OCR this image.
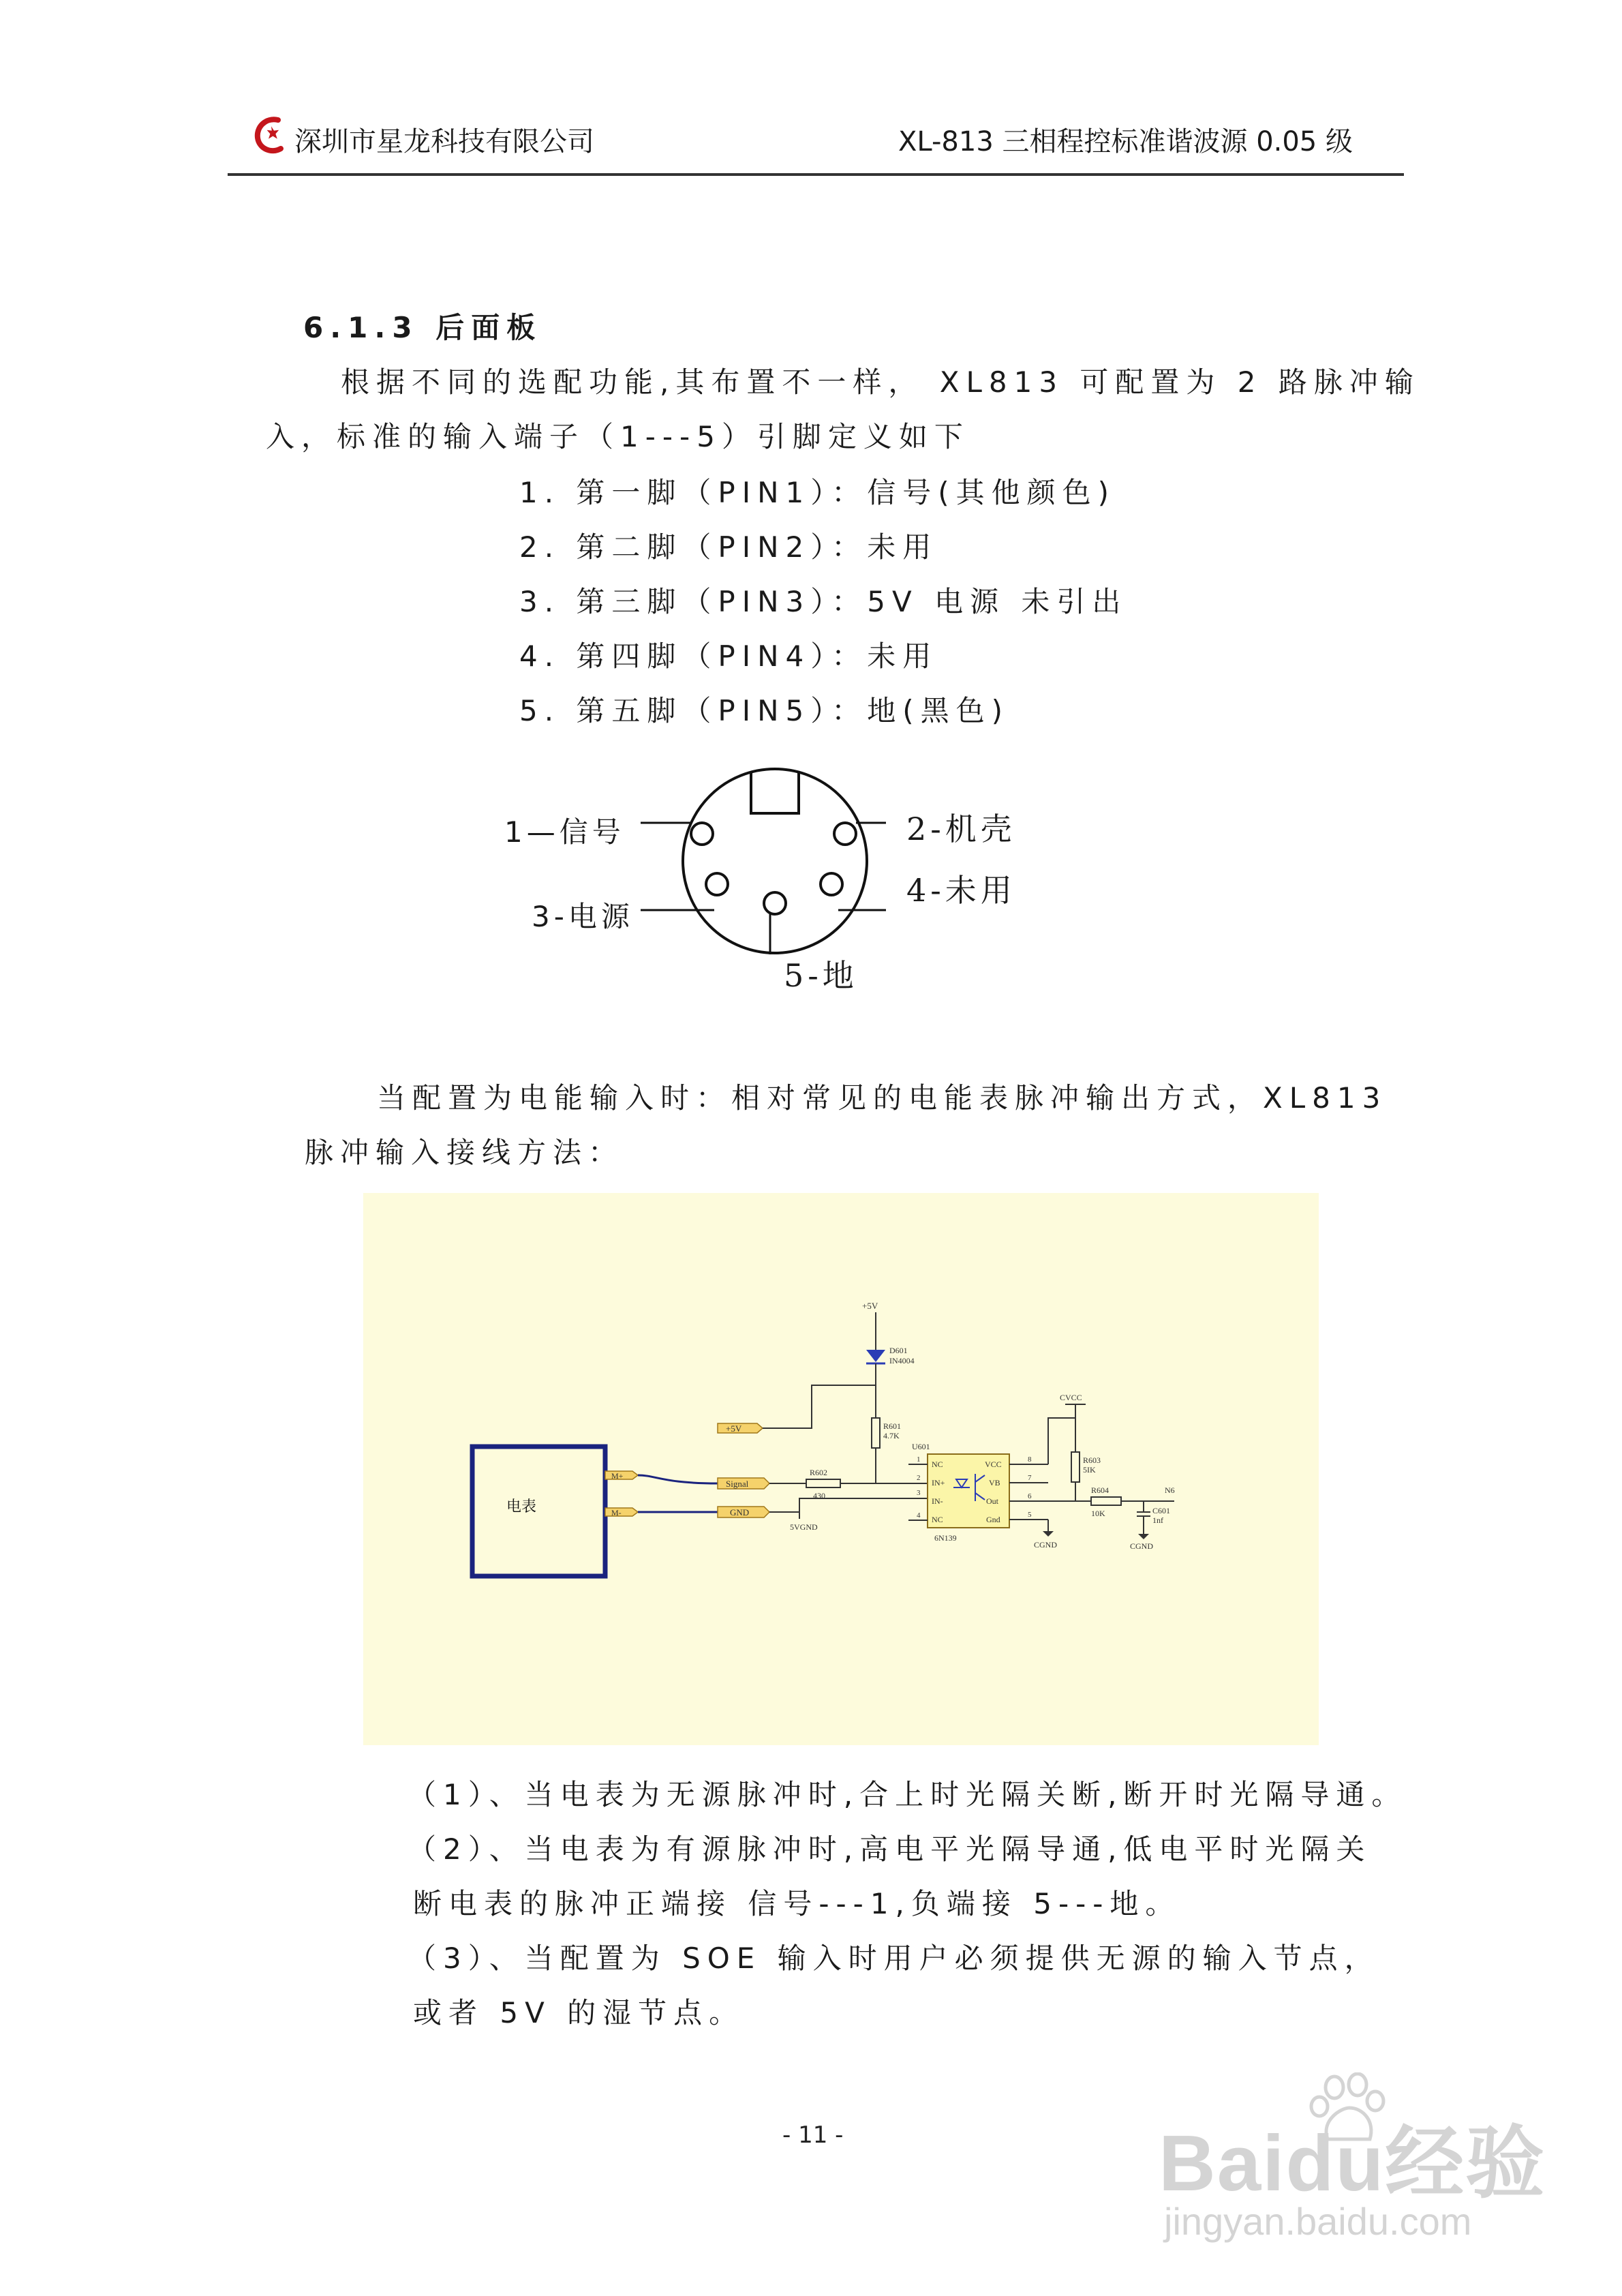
深圳市星龙科技有限公司	XL-813 三相程控标准谐波源 0.05 级
6.1.3 后面板
根据不同的选配功能,其布置不一样， XL813 可配置为 2 路脉冲输
入，标准的输入端子（1---5）引脚定义如下
1. 第一脚（PIN1）：信号(其他颜色)
2. 第二脚（PIN2）：未用
3. 第三脚（PIN3）：5V 电源 未引出
4. 第四脚（PIN4）：未用
5. 第五脚（PIN5）：地(黑色)
1—信号	2-机壳
3-电源
4-未用
5-地
当配置为电能输入时：相对常见的电能表脉冲输出方式，XL813
脉冲输入接线方法：
电表
M+
M-
Signal
GND
+5V
+5V
D601
IN4004
R601
4.7K
R602
430
5VGND
U601
NC
IN+
IN-
NC
VCC
VB
Out
Gnd
6N139
1
2
3
4
8
7
6
5
CVCC
R603
5IK
CGND
R604
10K
N6
C601
1nf
CGND
（1）、当电表为无源脉冲时,合上时光隔关断,断开时光隔导通。
（2）、当电表为有源脉冲时,高电平光隔导通,低电平时光隔关
断电表的脉冲正端接 信号---1,负端接 5---地。
（3）、当配置为 SOE 输入时用户必须提供无源的输入节点，
或者 5V 的湿节点。
- 11 -	Baidu经验
jingyan.baidu.com
